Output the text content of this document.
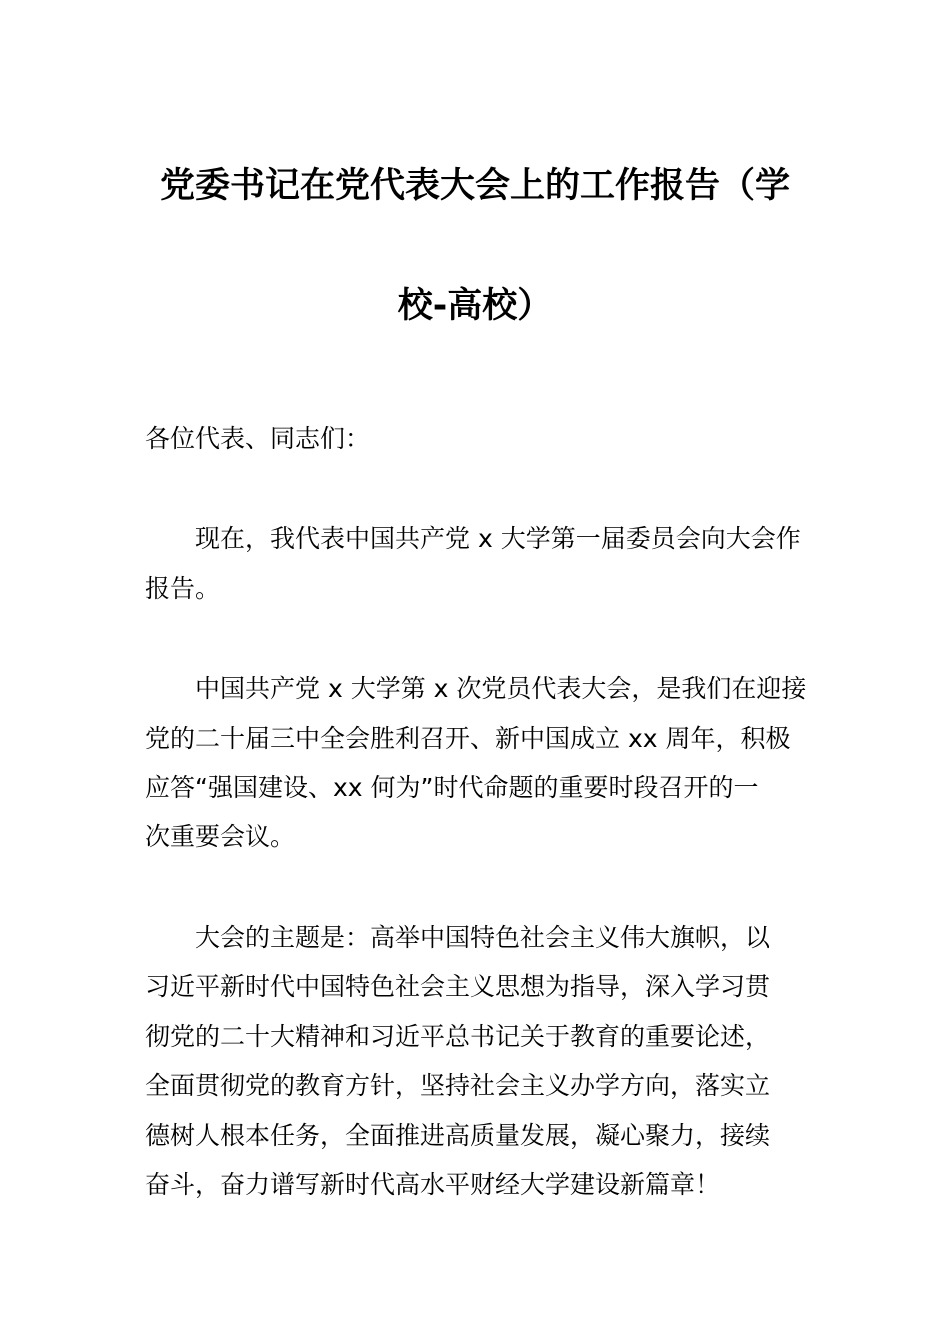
党委书记在党代表大会上的工作报告（学
校-高校）
各位代表、同志们：
现在，我代表中国共产党 x 大学第一届委员会向大会作
报告。
中国共产党 x 大学第 x 次党员代表大会，是我们在迎接
党的二十届三中全会胜利召开、新中国成立 xx 周年，积极
应答“强国建设、xx 何为”时代命题的重要时段召开的一
次重要会议。
大会的主题是：高举中国特色社会主义伟大旗帜，以
习近平新时代中国特色社会主义思想为指导，深入学习贯
彻党的二十大精神和习近平总书记关于教育的重要论述，
全面贯彻党的教育方针，坚持社会主义办学方向，落实立
德树人根本任务，全面推进高质量发展，凝心聚力，接续
奋斗，奋力谱写新时代高水平财经大学建设新篇章！
